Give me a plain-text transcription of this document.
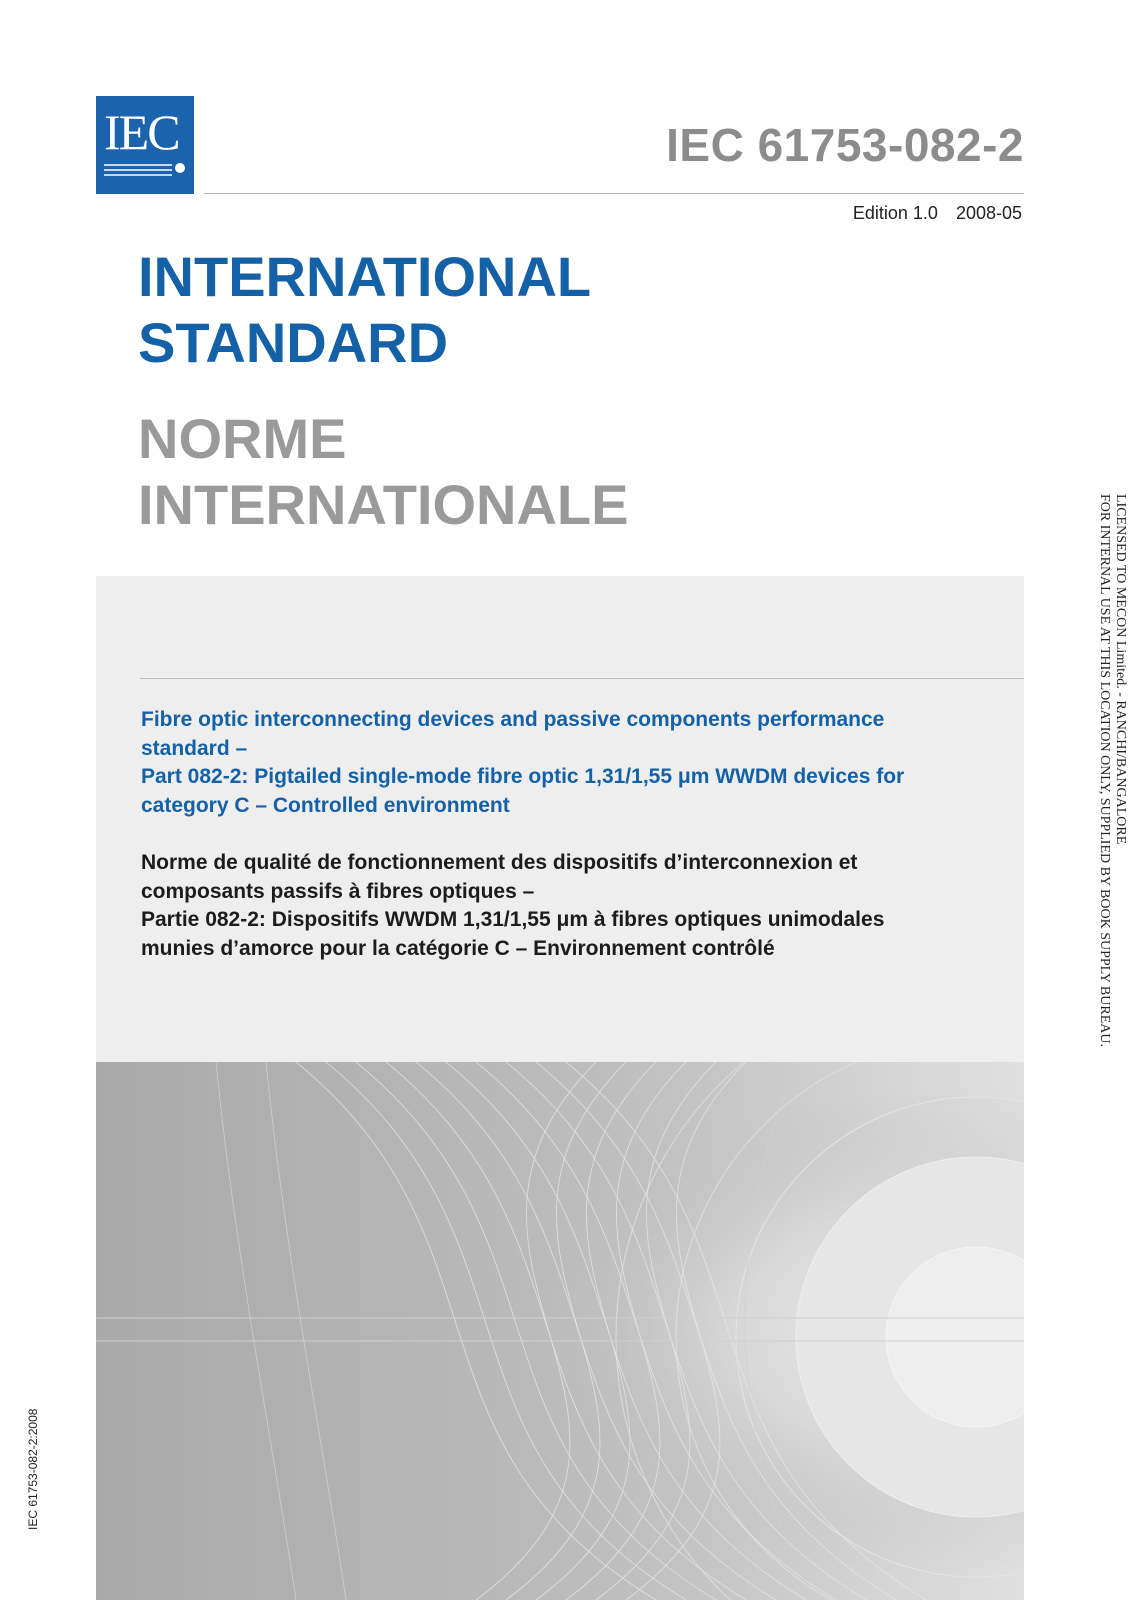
IEC	IEC 61753-082-2
Edition 1.0 2008-05
INTERNATIONAL
STANDARD
NORME
INTERNATIONALE
Fibre optic interconnecting devices and passive components performance
standard –
Part 082-2: Pigtailed single-mode fibre optic 1,31/1,55 μm WWDM devices for
category C – Controlled environment
Norme de qualité de fonctionnement des dispositifs d’interconnexion et
composants passifs à fibres optiques –
Partie 082-2: Dispositifs WWDM 1,31/1,55 μm à fibres optiques unimodales
munies d’amorce pour la catégorie C – Environnement contrôlé
LICENSED TO MECON Limited. - RANCHI/BANGALORE
FOR INTERNAL USE AT THIS LOCATION ONLY, SUPPLIED BY BOOK SUPPLY BUREAU.
IEC 61753-082-2:2008
